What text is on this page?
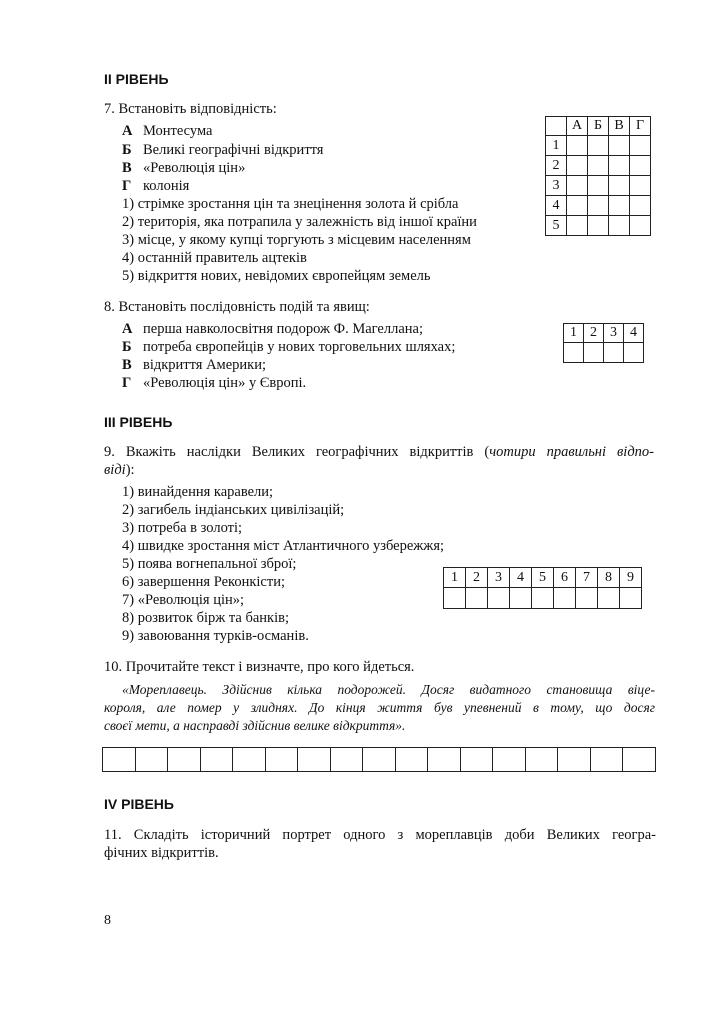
ІІ РІВЕНЬ
7. Встановіть відповідність:
А Монтесума
Б Великі географічні відкриття
В «Революція цін»
Г колонія
1) стрімке зростання цін та знецінення золота й срібла
2) територія, яка потрапила у залежність від іншої країни
3) місце, у якому купці торгують з місцевим населенням
4) останній правитель ацтеків
5) відкриття нових, невідомих європейцям земель
	А	Б	В	Г
1				
2				
3				
4				
5				
8. Встановіть послідовність подій та явищ:
А перша навколосвітня подорож Ф. Магеллана;
Б потреба європейців у нових торговельних шляхах;
В відкриття Америки;
Г «Революція цін» у Європі.
1	2	3	4

ІІІ РІВЕНЬ
9. Вкажіть наслідки Великих географічних відкриттів (чотири правильні відпо-
віді):
1) винайдення каравели;
2) загибель індіанських цивілізацій;
3) потреба в золоті;
4) швидке зростання міст Атлантичного узбережжя;
5) поява вогнепальної зброї;
6) завершення Реконкісти;
7) «Революція цін»;
8) розвиток бірж та банків;
9) завоювання турків-османів.
1	2	3	4	5	6	7	8	9

10. Прочитайте текст і визначте, про кого йдеться.
«Мореплавець. Здійснив кілька подорожей. Досяг видатного становища віце-
короля, але помер у злиднях. До кінця життя був упевнений в тому, що досяг
своєї мети, а насправді здійснив велике відкриття».

IV РІВЕНЬ
11. Складіть історичний портрет одного з мореплавців доби Великих геогра-
фічних відкриттів.
8
